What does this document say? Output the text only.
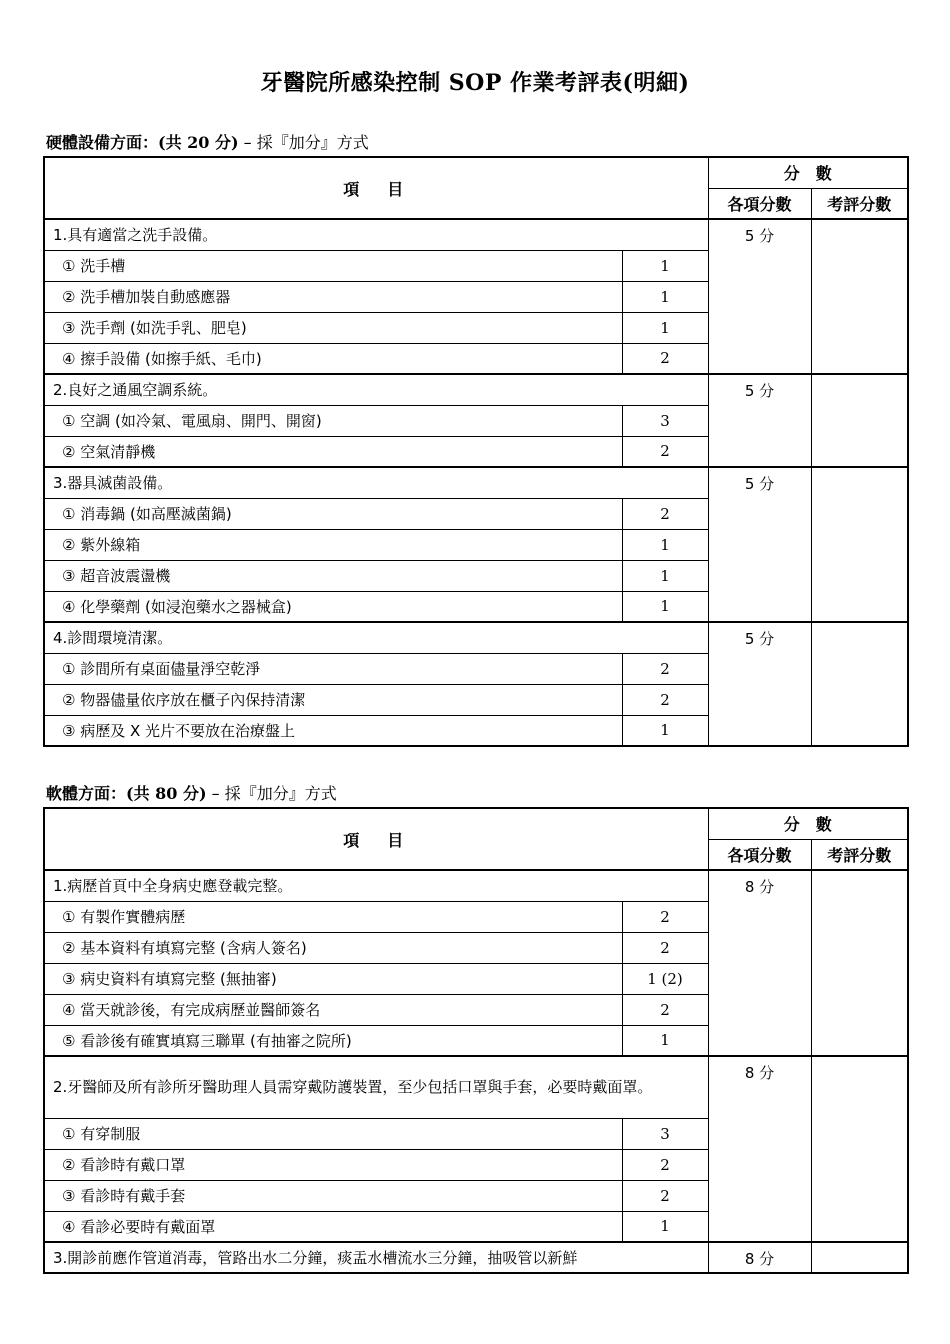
牙醫院所感染控制 SOP 作業考評表(明細)
硬體設備方面：(共 20 分) – 採『加分』方式
項　目		分　數	
		各項分數	考評分數
1.具有適當之洗手設備。		5 分	
① 洗手槽	1		
② 洗手槽加裝自動感應器	1		
③ 洗手劑 (如洗手乳、肥皂)	1		
④ 擦手設備 (如擦手紙、毛巾)	2		
2.良好之通風空調系統。		5 分	
① 空調 (如冷氣、電風扇、開門、開窗)	3		
② 空氣清靜機	2		
3.器具滅菌設備。		5 分	
① 消毒鍋 (如高壓滅菌鍋)	2		
② 紫外線箱	1		
③ 超音波震盪機	1		
④ 化學藥劑 (如浸泡藥水之器械盒)	1		
4.診間環境清潔。		5 分	
① 診間所有桌面儘量淨空乾淨	2		
② 物器儘量依序放在櫃子內保持清潔	2		
③ 病歷及 X 光片不要放在治療盤上	1		
軟體方面：(共 80 分) – 採『加分』方式
項　目		分　數	
		各項分數	考評分數
1.病歷首頁中全身病史應登載完整。		8 分	
① 有製作實體病歷	2		
② 基本資料有填寫完整 (含病人簽名)	2		
③ 病史資料有填寫完整 (無抽審)	1 (2)		
④ 當天就診後，有完成病歷並醫師簽名	2		
⑤ 看診後有確實填寫三聯單 (有抽審之院所)	1		

2.牙醫師及所有診所牙醫助理人員需穿戴防護裝置，至少包括口罩與手套，必要時戴面罩。		8 分	
① 有穿制服	3		
② 看診時有戴口罩	2		
③ 看診時有戴手套	2		
④ 看診必要時有戴面罩	1		
3.開診前應作管道消毒，管路出水二分鐘，痰盂水槽流水三分鐘，抽吸管以新鮮		8 分	
